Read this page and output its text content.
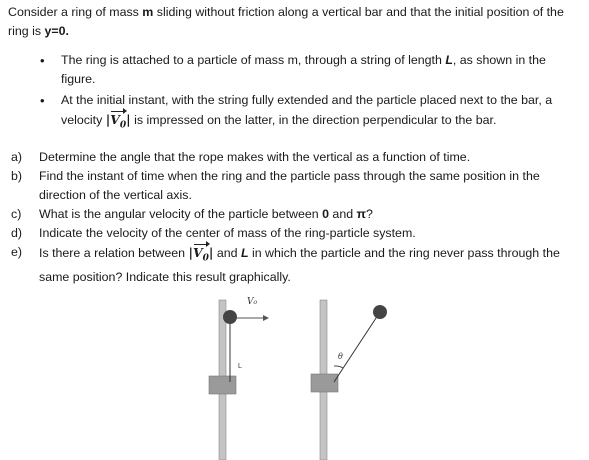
Consider a ring of mass m sliding without friction along a vertical bar and that the initial position of the ring is y=0.
• The ring is attached to a particle of mass m, through a string of length L, as shown in the figure.
• At the initial instant, with the string fully extended and the particle placed next to the bar, a velocity $|V_0|$ is impressed on the latter, in the direction perpendicular to the bar.
a) Determine the angle that the rope makes with the vertical as a function of time.
b) Find the instant of time when the ring and the particle pass through the same position in the direction of the vertical axis.
c) What is the angular velocity of the particle between 0 and π?
d) Indicate the velocity of the center of mass of the ring-particle system.
e) Is there a relation between $|V_0|$ and L in which the particle and the ring never pass through the same position? Indicate this result graphically.
V₀
L
θ
